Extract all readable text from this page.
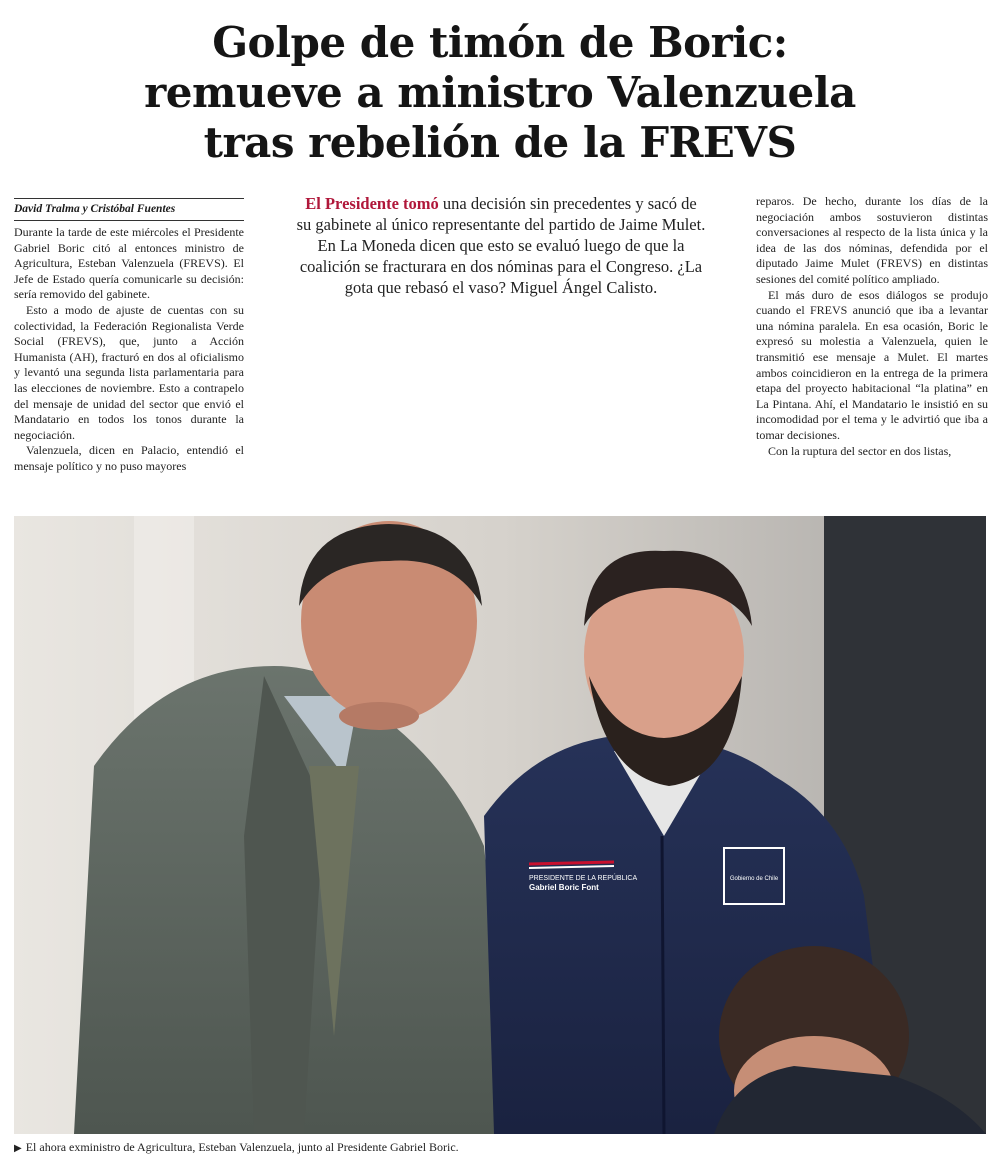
Golpe de timón de Boric:
remueve a ministro Valenzuela
tras rebelión de la FREVS
David Tralma y Cristóbal Fuentes

Durante la tarde de este miércoles el Presidente Gabriel Boric citó al entonces ministro de Agricultura, Esteban Valenzuela (FREVS). El Jefe de Estado quería comunicarle su decisión: sería removido del gabinete.

Esto a modo de ajuste de cuentas con su colectividad, la Federación Regionalista Verde Social (FREVS), que, junto a Acción Humanista (AH), fracturó en dos al oficialismo y levantó una segunda lista parlamentaria para las elecciones de noviembre. Esto a contrapelo del mensaje de unidad del sector que envió el Mandatario en todos los tonos durante la negociación.

Valenzuela, dicen en Palacio, entendió el mensaje político y no puso mayores

El Presidente tomó una decisión sin precedentes y sacó de su gabinete al único representante del partido de Jaime Mulet. En La Moneda dicen que esto se evaluó luego de que la coalición se fracturara en dos nóminas para el Congreso. ¿La gota que rebasó el vaso? Miguel Ángel Calisto.

reparos. De hecho, durante los días de la negociación ambos sostuvieron distintas conversaciones al respecto de la lista única y la idea de las dos nóminas, defendida por el diputado Jaime Mulet (FREVS) en distintas sesiones del comité político ampliado.

El más duro de esos diálogos se produjo cuando el FREVS anunció que iba a levantar una nómina paralela. En esa ocasión, Boric le expresó su molestia a Valenzuela, quien le transmitió ese mensaje a Mulet. El martes ambos coincidieron en la entrega de la primera etapa del proyecto habitacional “la platina” en La Pintana. Ahí, el Mandatario le insistió en su incomodidad por el tema y le advirtió que iba a tomar decisiones.

Con la ruptura del sector en dos listas,

PRESIDENTE DE LA REPÚBLICA
Gabriel Boric Font
Gobierno de Chile
▶ El ahora exministro de Agricultura, Esteban Valenzuela, junto al Presidente Gabriel Boric.
